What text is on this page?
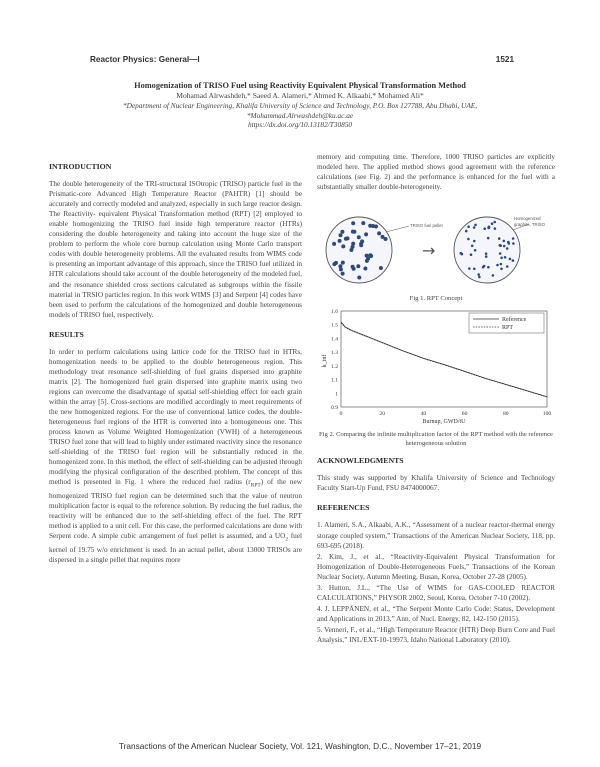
Reactor Physics: General—I	1521
Homogenization of TRISO Fuel using Reactivity Equivalent Physical Transformation Method
Mohamad Alrwashdeh,* Saeed A. Alameri,* Ahmed K. Alkaabi,* Mohamed Ali*
*Department of Nuclear Engineering, Khalifa University of Science and Technology, P.O. Box 127788, Abu Dhabi, UAE,
*Mohammad.Alrwashdeh@ku.ac.ae
https://dx.doi.org/10.13182/T30850
INTRODUCTION
The double heterogeneity of the TRI-structural ISOtropic (TRISO) particle fuel in the Prismatic-core Advanced High Temperature Reactor (PAHTR) [1] should be accurately and correctly modeled and analyzed, especially in such large reactor design. The Reactivity- equivalent Physical Transformation method (RPT) [2] employed to enable homogenizing the TRISO fuel inside high temperature reactor (HTRs) considering the double heterogeneity and taking into account the huge size of the problem to perform the whole core burnup calculation using Monte Carlo transport codes with double heterogeneity problems. All the evaluated results from WIMS code is presenting an important advantage of this approach, since the TRISO fuel utilized in HTR calculations should take account of the double heterogeneity of the modeled fuel, and the resonance shielded cross sections calculated as subgroups within the fissile material in TRSIO particles region. In this work WIMS [3] and Serpent [4] codes have been used to perform the calculations of the homogenized and double heterogeneous models of TRISO fuel, respectively.
RESULTS
In order to perform calculations using lattice code for the TRISO fuel in HTRs, homogenization needs to be applied to the double heterogeneous region. This methodology treat resonance self-shielding of fuel grains dispersed into graphite matrix [2]. The homogenized fuel grain dispersed into graphite matrix using two regions can overcome the disadvantage of spatial self-shielding effect for each grain within the array [5]. Cross-sections are modified accordingly to meet requirements of the new homogenized regions. For the use of conventional lattice codes, the double-heterogeneous fuel regions of the HTR is converted into a homogeneous one. This process known as Volume Weighted Homogenization (VWH) of a heterogeneous TRISO fuel zone that will lead to highly under estimated reactivity since the resonance self-shielding of the TRISO fuel region will be substantially reduced in the homogenized zone. In this method, the effect of self-shielding can be adjusted through modifying the physical configuration of the described problem. The concept of this method is presented in Fig. 1 where the reduced fuel radius $(r_{RPT})$ of the new homogenized TRISO fuel region can be determined such that the value of neutron multiplication factor is equal to the reference solution. By reducing the fuel radius, the reactivity will be enhanced due to the self-shielding effect of the fuel. The RPT method is applied to a unit cell. For this case, the performed calculations are done with Serpent code. A simple cubic arrangement of fuel pellet is assumed, and a $UO_2$ fuel kernel of 19.75 w/o enrichment is used. In an actual pellet, about 13000 TRISOs are dispersed in a single pellet that requires more
memory and computing time. Therefore, 1000 TRISO particles are explicitly modeled here. The applied method shows good agreement with the reference calculations (see Fig. 2) and the performance is enhanced for the fuel with a substantially smaller double-heterogeneity.
TRISO fuel pellet
→
Homogenized
graphite, TRISO
Fig 1. RPT Concept
0.9
1
1.1
1.2
1.3
1.4
1.5
1.6
0	20	40	60	80	100
Reference
RPT
k_inf
Burnup, GWD/tU
Fig 2. Comparing the infinite multiplication factor of the RPT method with the reference heterogeneous solution
ACKNOWLEDGMENTS
This study was supported by Khalifa University of Science and Technology Faculty Start-Up Fund, FSU 8474000067.
REFERENCES
1. Alameri, S.A., Alkaabi, A.K., “Assessment of a nuclear reactor-thermal energy storage coupled system,” Transactions of the American Nuclear Society, 118, pp. 693-695 (2018).
2. Kim, J., et al., “Reactivity-Equivalent Physical Transformation for Homogenization of Double-Heterogeneous Fuels,” Transactions of the Korean Nuclear Society, Autumn Meeting, Busan, Korea, October 27-28 (2005).
3. Hutton, J.L., “The Use of WIMS for GAS-COOLED REACTOR CALCULATIONS,” PHYSOR 2002, Seoul, Korea, October 7-10 (2002).
4. J. LEPPÄNEN, et al., “The Serpent Monte Carlo Code: Status, Development and Applications in 2013,” Ann. of Nucl. Energy, 82, 142-150 (2015).
5. Venneri, F., et al., “High Temperature Reactor (HTR) Deep Burn Core and Fuel Analysis,” INL/EXT-10-19973, Idaho National Laboratory (2010).
Transactions of the American Nuclear Society, Vol. 121, Washington, D.C., November 17–21, 2019
